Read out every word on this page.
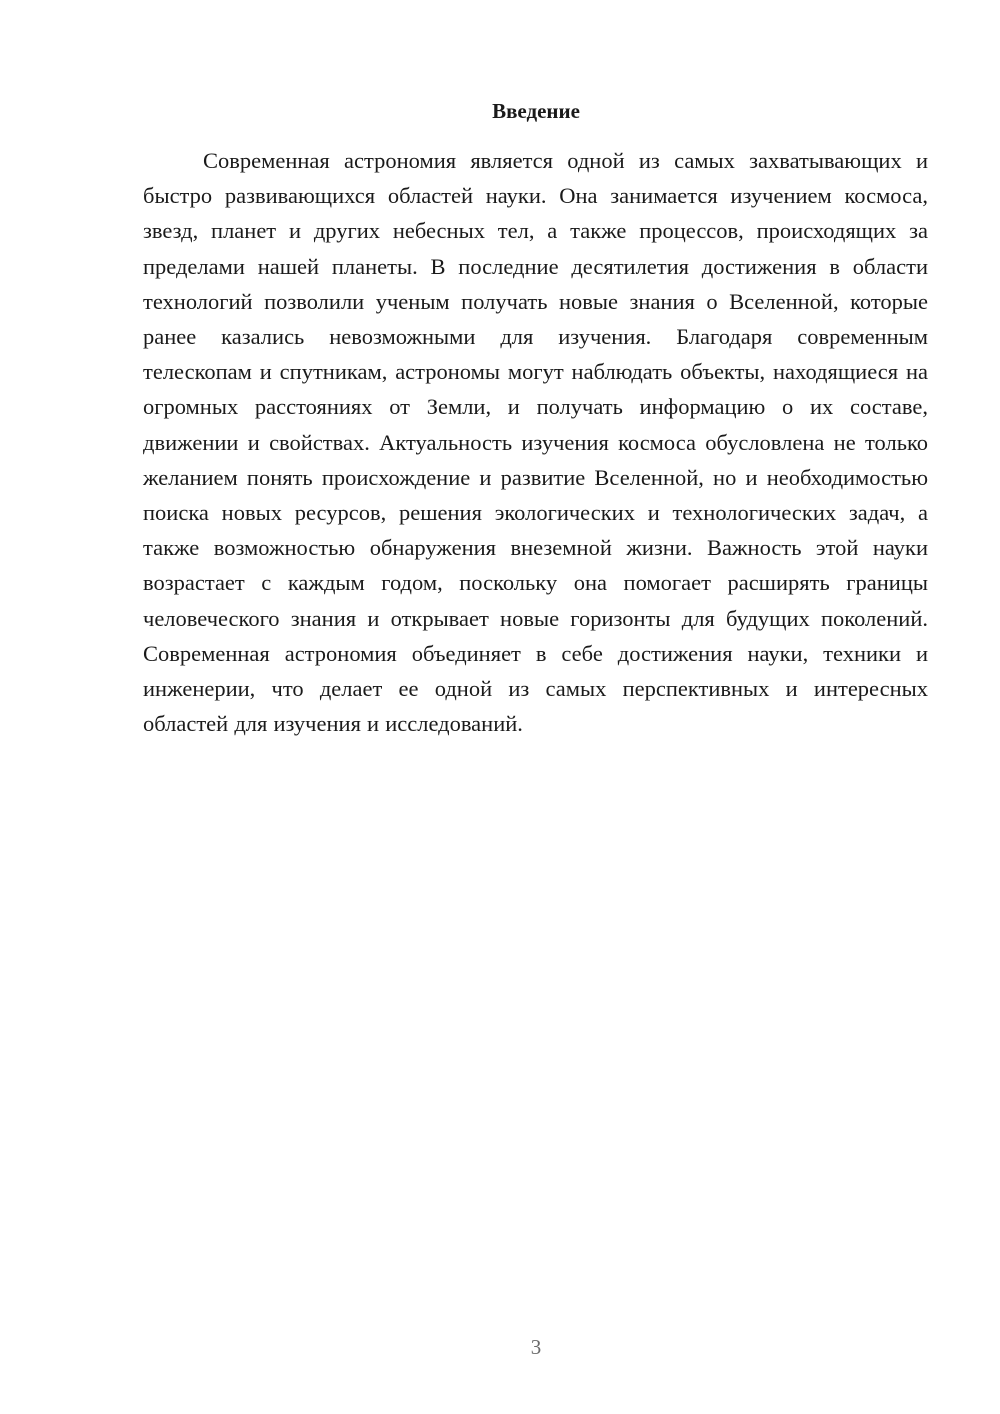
Введение

Современная астрономия является одной из самых захватывающих и быстро развивающихся областей науки. Она занимается изучением космоса, звезд, планет и других небесных тел, а также процессов, происходящих за пределами нашей планеты. В последние десятилетия достижения в области технологий позволили ученым получать новые знания о Вселенной, которые ранее казались невозможными для изучения. Благодаря современным телескопам и спутникам, астрономы могут наблюдать объекты, находящиеся на огромных расстояниях от Земли, и получать информацию о их составе, движении и свойствах. Актуальность изучения космоса обусловлена не только желанием понять происхождение и развитие Вселенной, но и необходимостью поиска новых ресурсов, решения экологических и технологических задач, а также возможностью обнаружения внеземной жизни. Важность этой науки возрастает с каждым годом, поскольку она помогает расширять границы человеческого знания и открывает новые горизонты для будущих поколений. Современная астрономия объединяет в себе достижения науки, техники и инженерии, что делает ее одной из самых перспективных и интересных областей для изучения и исследований.

3
